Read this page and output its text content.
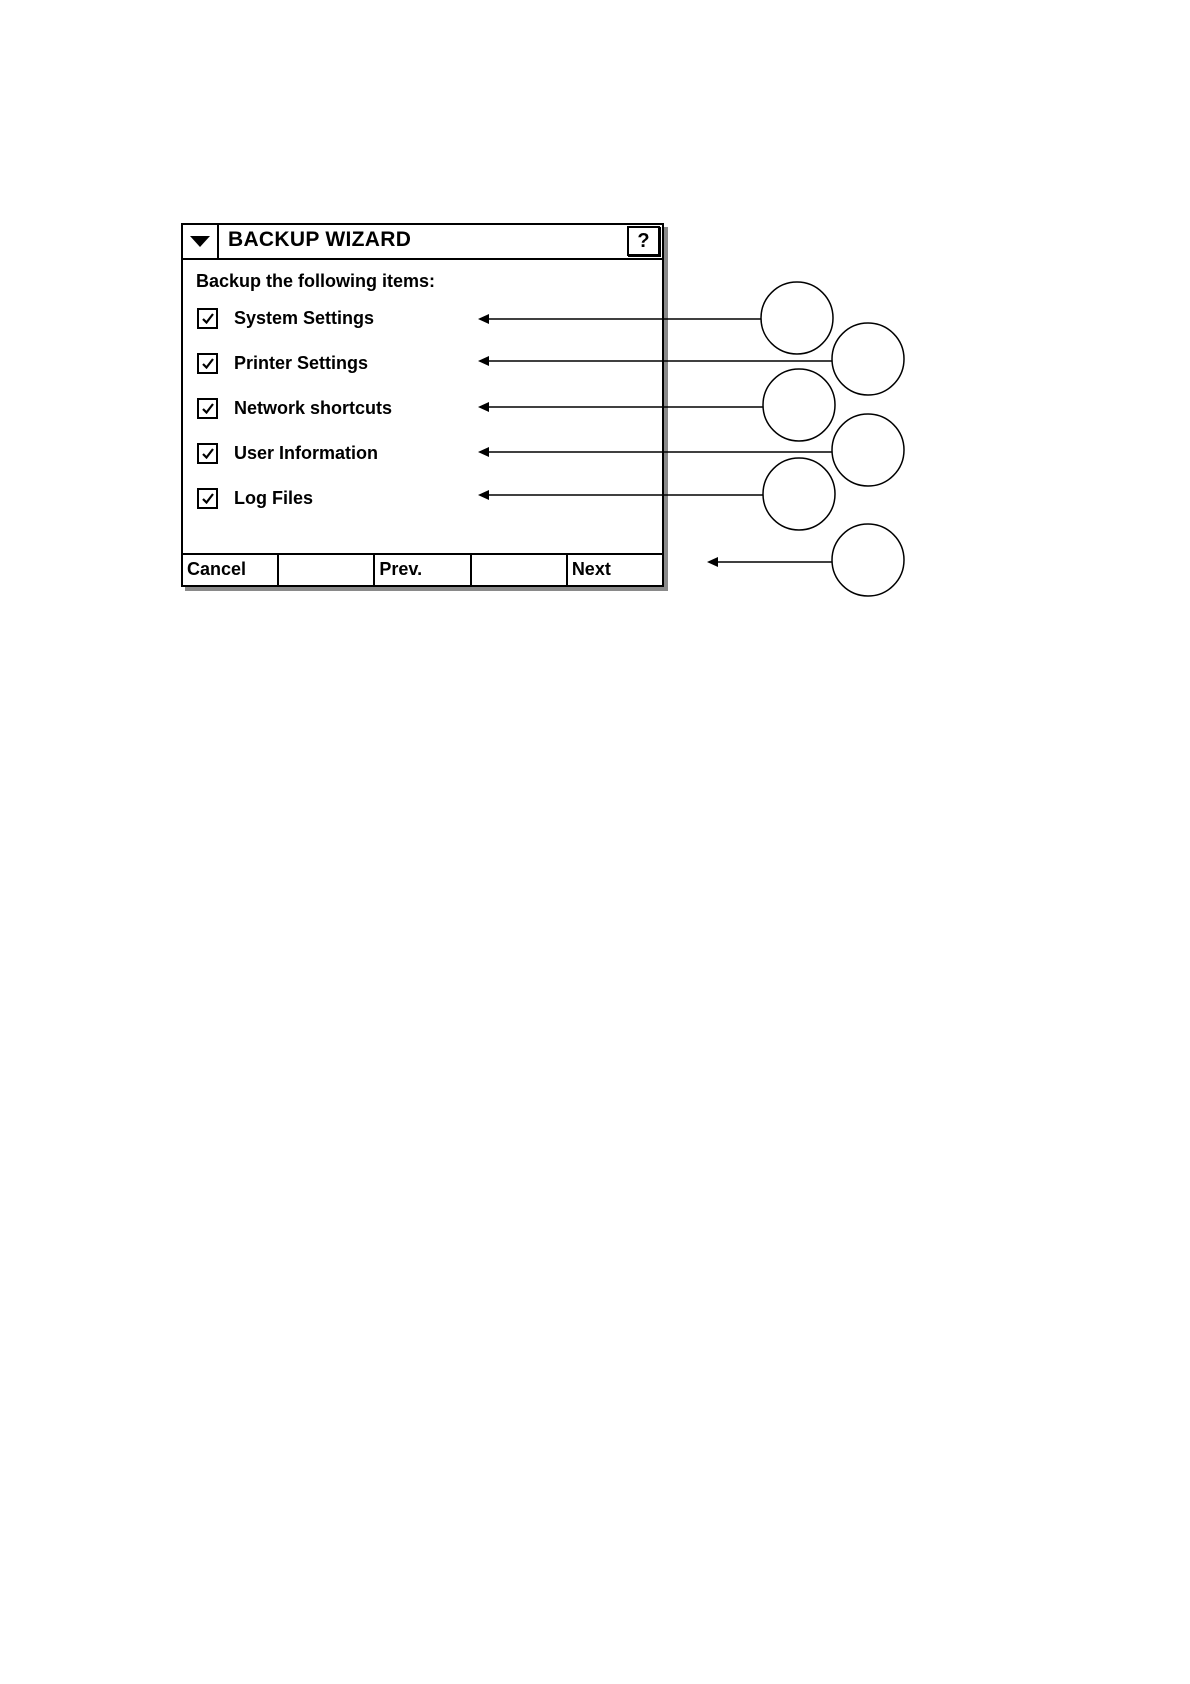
BACKUP WIZARD	?
Backup the following items:
System Settings
Printer Settings
Network shortcuts
User Information
Log Files
Cancel	Prev.	Next
